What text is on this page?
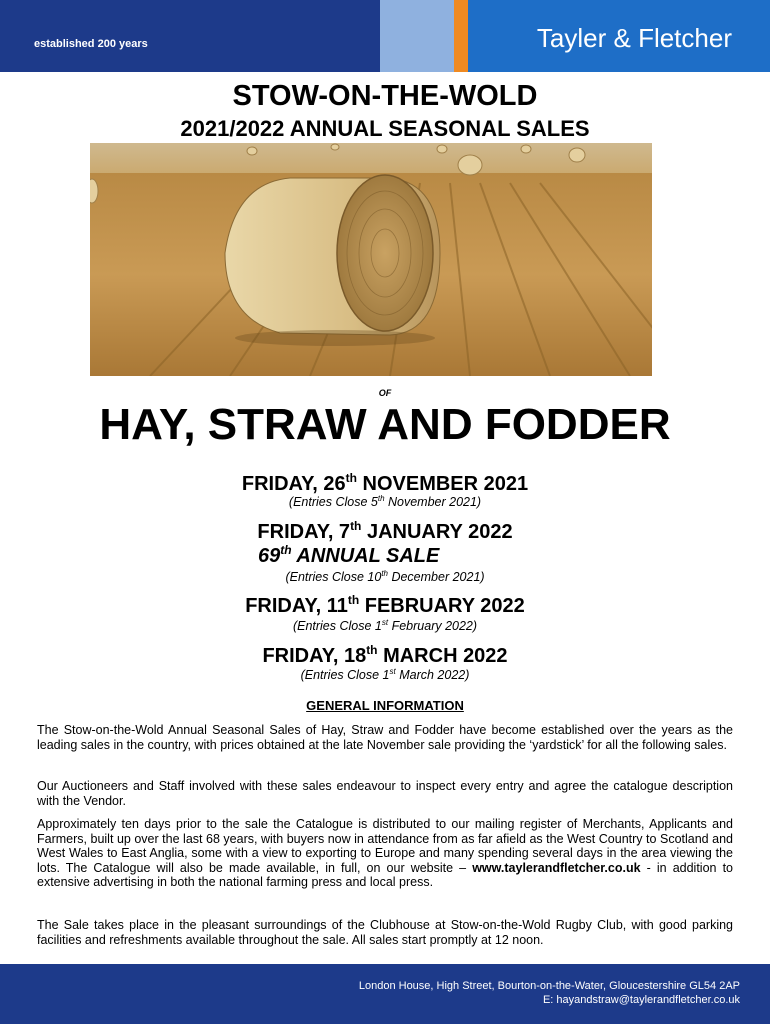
established 200 years	Tayler & Fletcher
STOW-ON-THE-WOLD
2021/2022 ANNUAL SEASONAL SALES
OF
HAY, STRAW AND FODDER
FRIDAY, 26th NOVEMBER 2021
(Entries Close 5th November 2021)
FRIDAY, 7th JANUARY 2022
69th ANNUAL SALE
(Entries Close 10th December 2021)
FRIDAY, 11th FEBRUARY 2022
(Entries Close 1st February 2022)
FRIDAY, 18th MARCH 2022
(Entries Close 1st March 2022)
GENERAL INFORMATION
The Stow-on-the-Wold Annual Seasonal Sales of Hay, Straw and Fodder have become established over the years as the leading sales in the country, with prices obtained at the late November sale providing the ‘yardstick’ for all the following sales.
Our Auctioneers and Staff involved with these sales endeavour to inspect every entry and agree the catalogue description with the Vendor.
Approximately ten days prior to the sale the Catalogue is distributed to our mailing register of Merchants, Applicants and Farmers, built up over the last 68 years, with buyers now in attendance from as far afield as the West Country to Scotland and West Wales to East Anglia, some with a view to exporting to Europe and many spending several days in the area viewing the lots. The Catalogue will also be made available, in full, on our website – www.taylerandfletcher.co.uk - in addition to extensive advertising in both the national farming press and local press.
The Sale takes place in the pleasant surroundings of the Clubhouse at Stow-on-the-Wold Rugby Club, with good parking facilities and refreshments available throughout the sale. All sales start promptly at 12 noon.
London House, High Street, Bourton-on-the-Water, Gloucestershire GL54 2AP
E: hayandstraw@taylerandfletcher.co.uk
